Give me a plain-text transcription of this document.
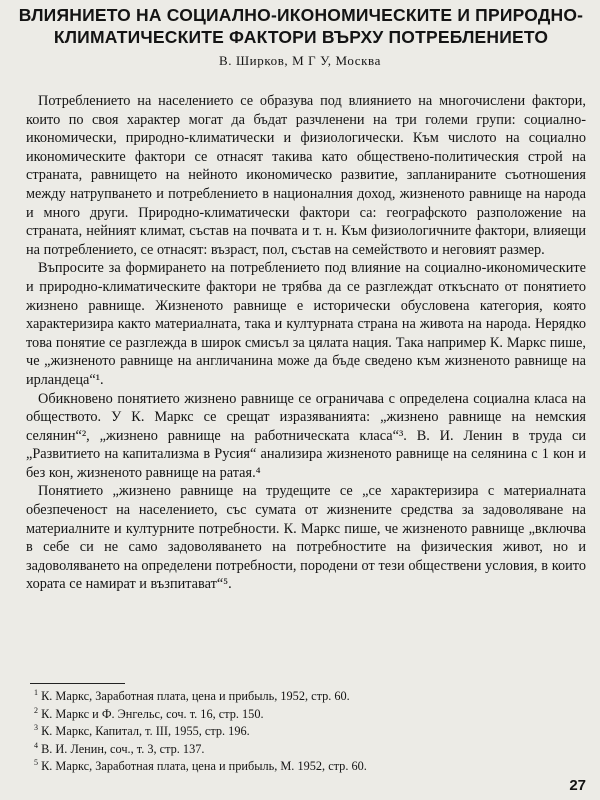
ВЛИЯНИЕТО НА СОЦИАЛНО-ИКОНОМИЧЕСКИТЕ И ПРИРОДНО-КЛИМАТИЧЕСКИТЕ ФАКТОРИ ВЪРХУ ПОТРЕБЛЕНИЕТО
В. Ширков, М Г У, Москва

Потреблението на населението се образува под влиянието на многочислени фактори, които по своя характер могат да бъдат разчленени на три големи групи: социално-икономически, природно-климатически и физиологически. Към числото на социално икономическите фактори се отнасят такива като обществено-политическия строй на страната, равнището на нейното икономическо развитие, запланираните съотношения между натрупването и потреблението в националния доход, жизненото равнище на народа и много други. Природно-климатически фактори са: географското разположение на страната, нейният климат, състав на почвата и т. н. Към физиологичните фактори, влияещи на потреблението, се отнасят: възраст, пол, състав на семейството и неговият размер.

Въпросите за формирането на потреблението под влияние на социално-икономическите и природно-климатическите фактори не трябва да се разглеждат откъснато от понятието жизнено равнище. Жизненото равнище е исторически обусловена категория, която характеризира както материалната, така и културната страна на живота на народа. Нерядко това понятие се разглежда в широк смисъл за цялата нация. Така например К. Маркс пише, че „жизненото равнище на англичанина може да бъде сведено към жизненото равнище на ирландеца“¹.

Обикновено понятието жизнено равнище се ограничава с определена социална класа на обществото. У К. Маркс се срещат изразяванията: „жизнено равнище на немския селянин“², „жизнено равнище на работническата класа“³. В. И. Ленин в труда си „Развитието на капитализма в Русия“ анализира жизненото равнище на селянина с 1 кон и без кон, жизненото равнище на ратая.⁴

Понятието „жизнено равнище на трудещите се „се характеризира с материалната обезпеченост на населението, със сумата от жизнените средства за задоволяване на материалните и културните потребности. К. Маркс пише, че жизненото равнище „включва в себе си не само задоволяването на потребностите на физическия живот, но и задоволяването на определени потребности, породени от тези обществени условия, в които хората се намират и възпитават“⁵.

$^1$ К. Маркс, Заработная плата, цена и прибыль, 1952, стр. 60.
$^2$ К. Маркс и Ф. Энгельс, соч. т. 16, стр. 150.
$^3$ К. Маркс, Капитал, т. III, 1955, стр. 196.
$^4$ В. И. Ленин, соч., т. 3, стр. 137.
$^5$ К. Маркс, Заработная плата, цена и прибыль, М. 1952, стр. 60.
27
